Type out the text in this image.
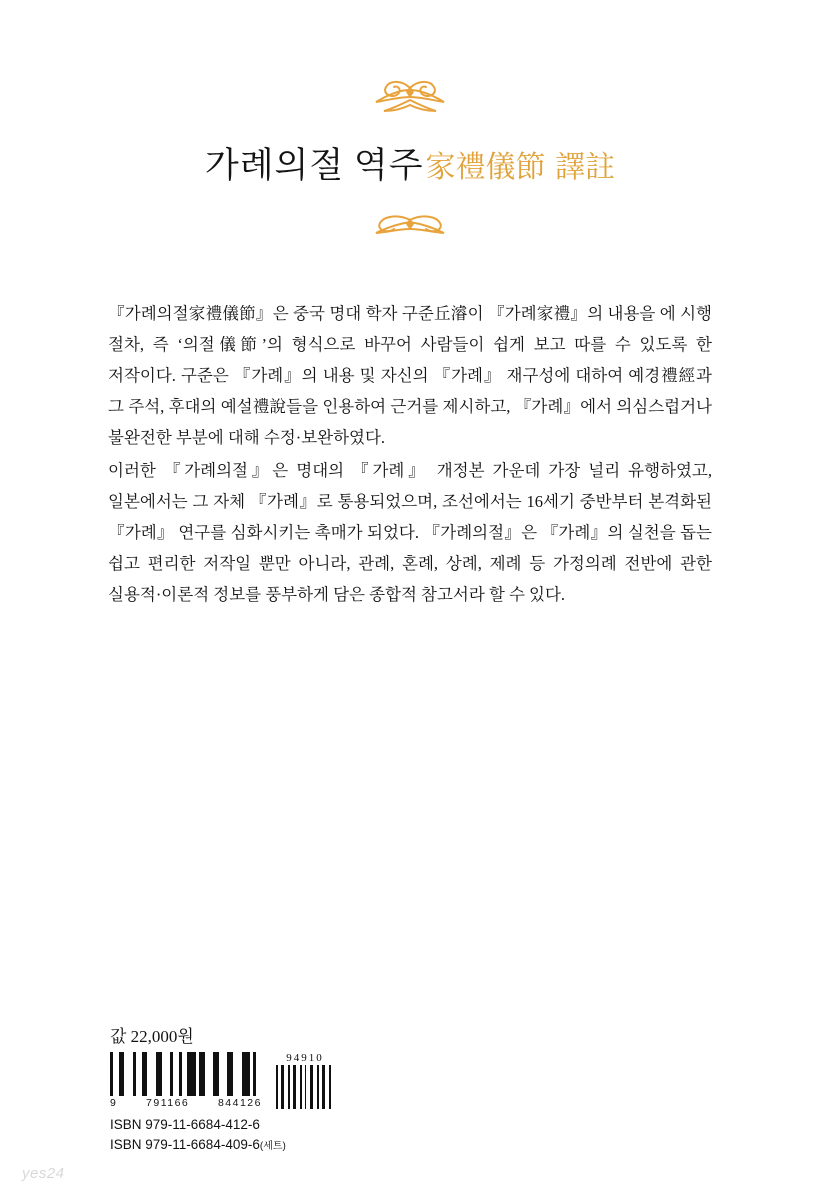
가례의절 역주家禮儀節 譯註

『가례의절家禮儀節』은 중국 명대 학자 구준丘濬이 『가례家禮』의 내용을 에 시행 절차, 즉 ‘의절儀節’의 형식으로 바꾸어 사람들이 쉽게 보고 따를 수 있도록 한 저작이다. 구준은 『가례』의 내용 및 자신의 『가례』 재구성에 대하여 예경禮經과 그 주석, 후대의 예설禮說들을 인용하여 근거를 제시하고, 『가례』에서 의심스럽거나 불완전한 부분에 대해 수정·보완하였다.

이러한 『가례의절』은 명대의 『가례』 개정본 가운데 가장 널리 유행하였고, 일본에서는 그 자체 『가례』로 통용되었으며, 조선에서는 16세기 중반부터 본격화된 『가례』 연구를 심화시키는 촉매가 되었다. 『가례의절』은 『가례』의 실천을 돕는 쉽고 편리한 저작일 뿐만 아니라, 관례, 혼례, 상례, 제례 등 가정의례 전반에 관한 실용적·이론적 정보를 풍부하게 담은 종합적 참고서라 할 수 있다.

값 22,000원
9	791166	844126
94910
ISBN 979-11-6684-412-6
ISBN 979-11-6684-409-6(세트)
yes24
